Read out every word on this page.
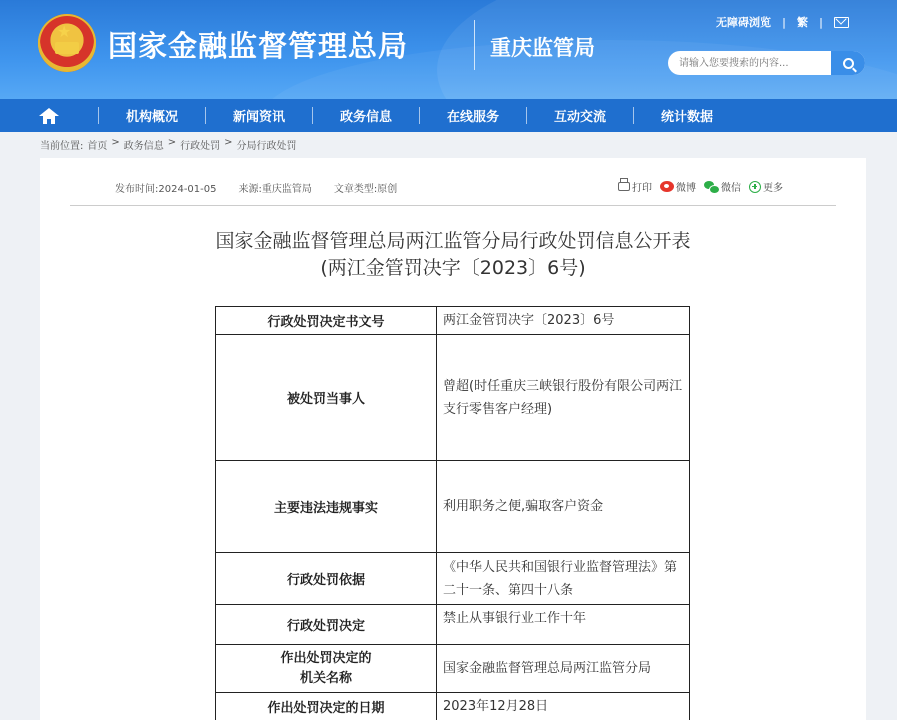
★ 国家金融监督管理总局	重庆监管局
无障碍浏览 | 繁 |
请输入您要搜索的内容...
机构概况	新闻资讯	政务信息	在线服务	互动交流	统计数据
当前位置: 首页 > 政务信息 > 行政处罚 > 分局行政处罚
发布时间:2024-01-05 来源:重庆监管局 文章类型:原创	打印 微博	微信 更多
国家金融监督管理总局两江监管分局行政处罚信息公开表
(两江金管罚决字〔2023〕6号)
行政处罚决定书文号	两江金管罚决字〔2023〕6号
被处罚当事人	曾超(时任重庆三峡银行股份有限公司两江支行零售客户经理)
主要违法违规事实	利用职务之便,骗取客户资金
行政处罚依据	《中华人民共和国银行业监督管理法》第二十一条、第四十八条
行政处罚决定	禁止从事银行业工作十年

作出处罚决定的
机关名称	国家金融监督管理总局两江监管分局
作出处罚决定的日期	2023年12月28日
